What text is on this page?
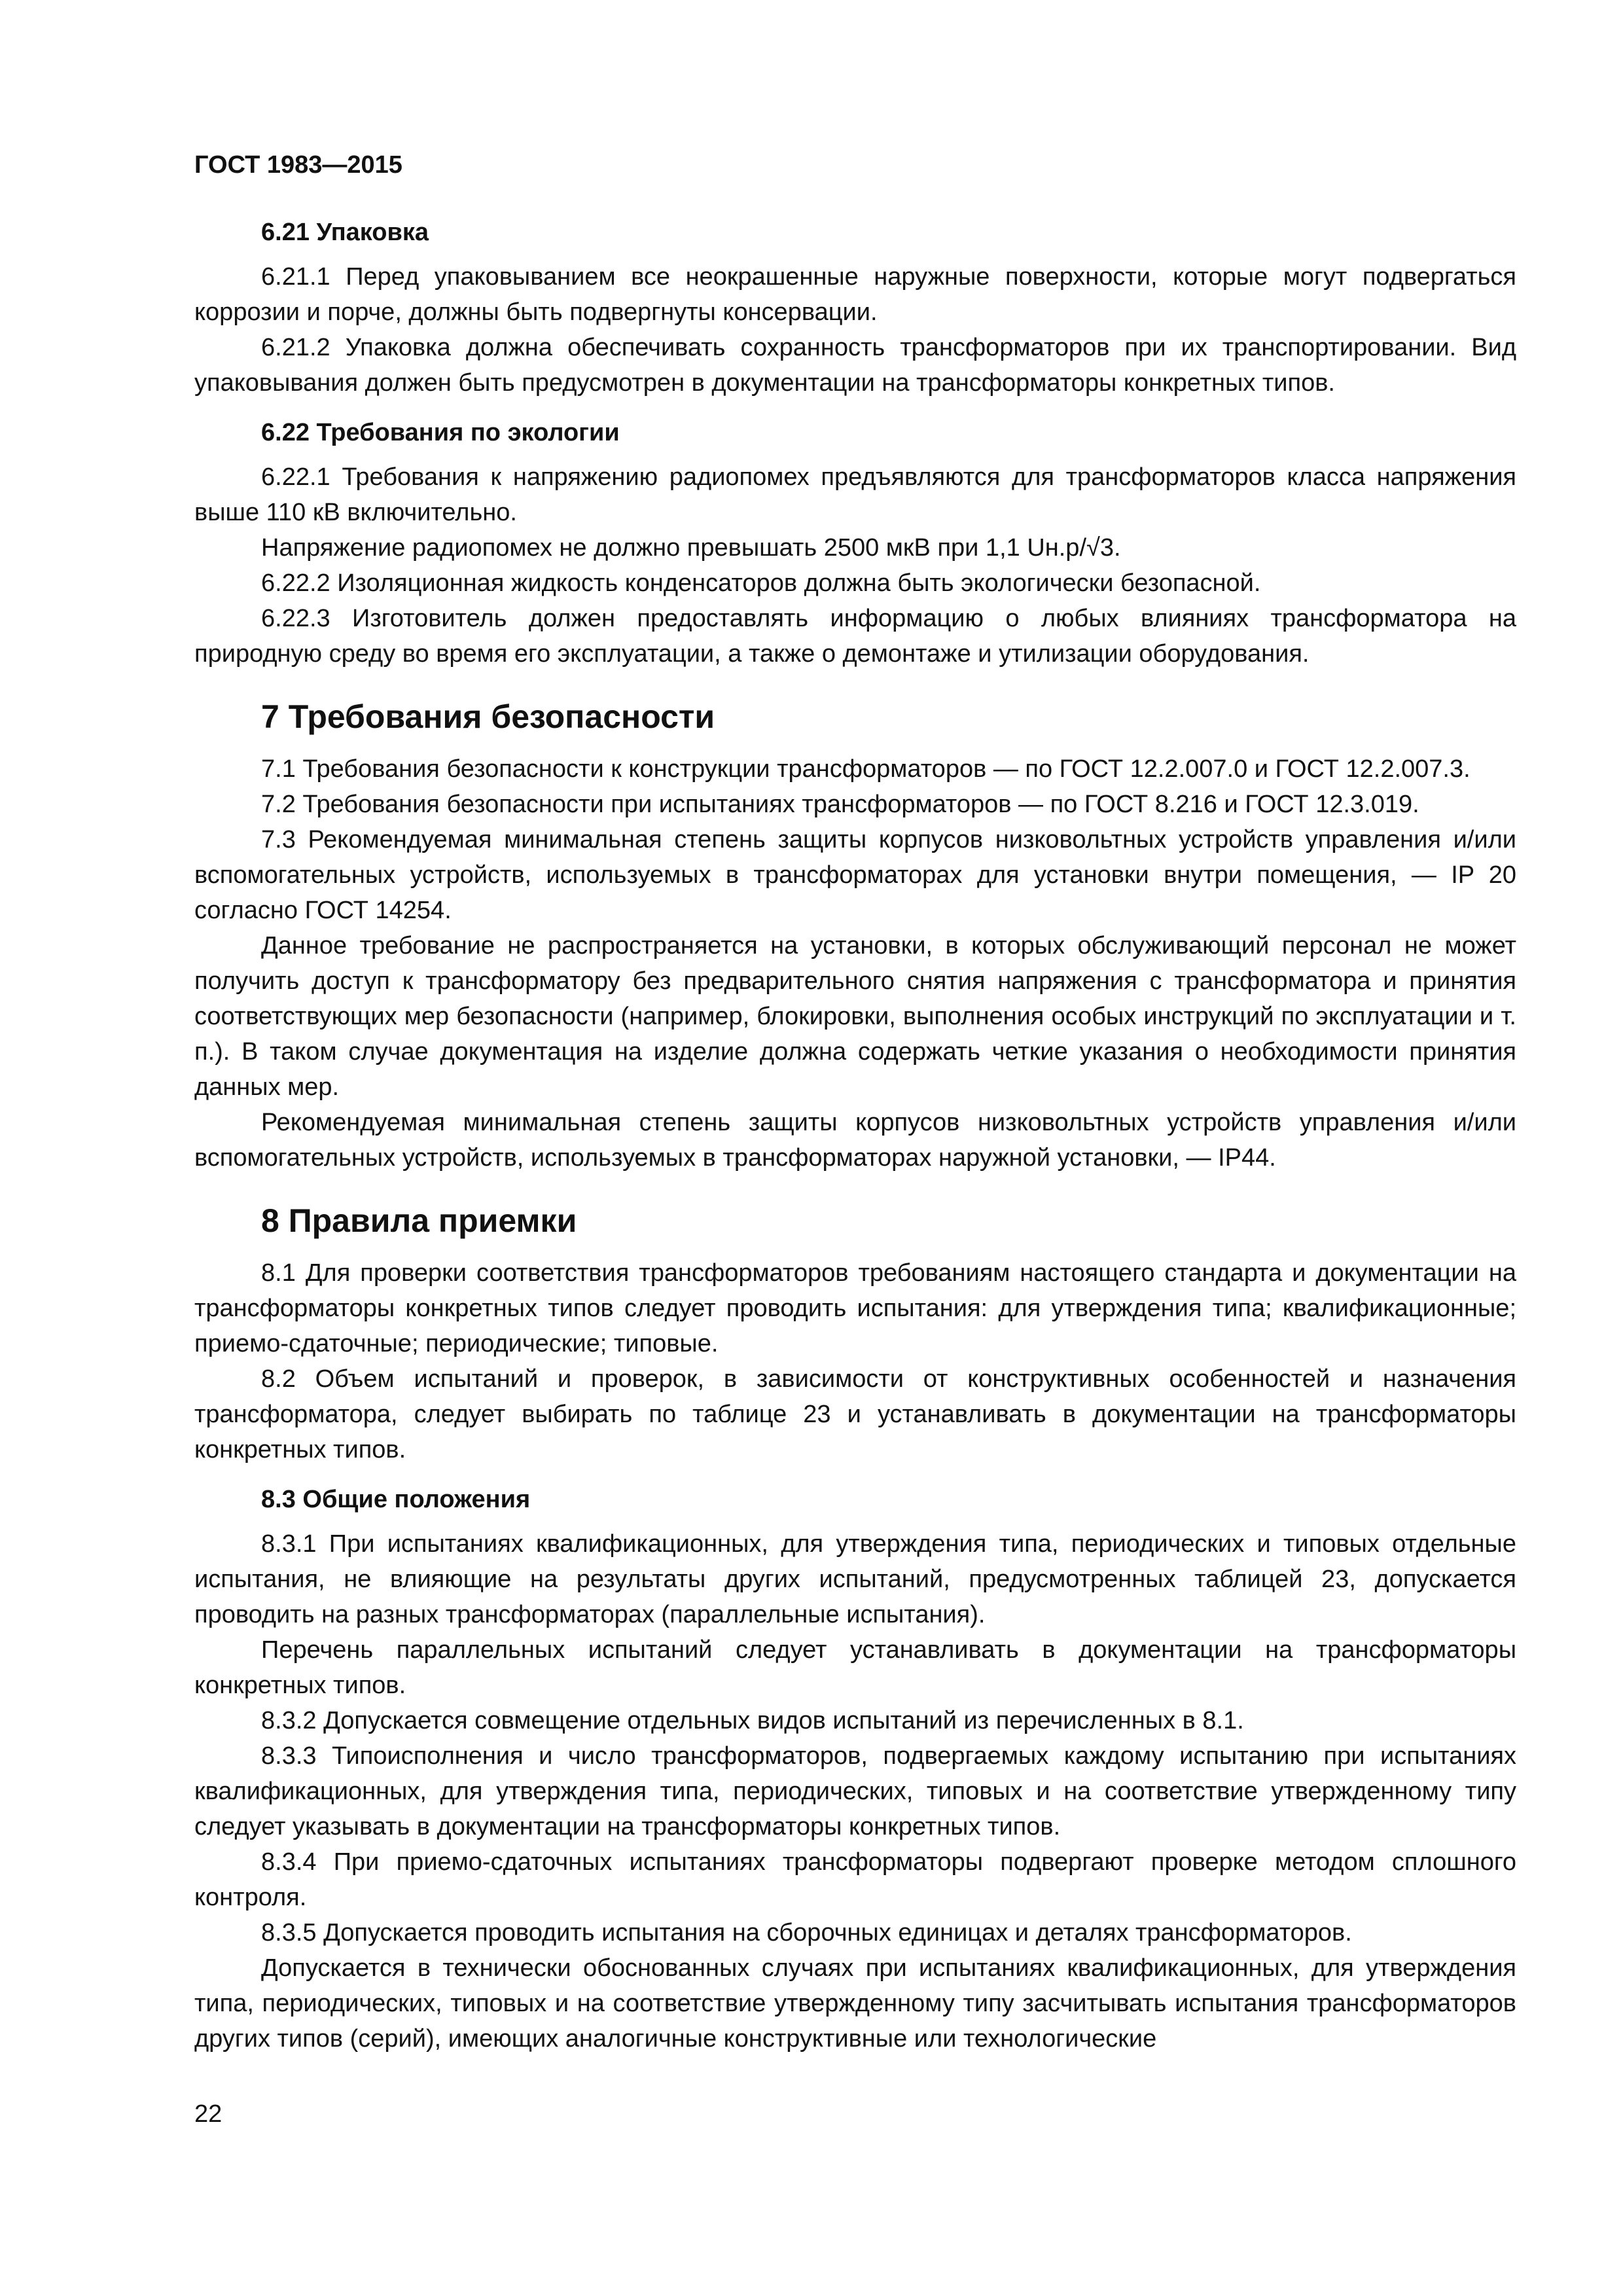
ГОСТ 1983—2015
6.21 Упаковка

6.21.1 Перед упаковыванием все неокрашенные наружные поверхности, которые могут подвергаться коррозии и порче, должны быть подвергнуты консервации.

6.21.2 Упаковка должна обеспечивать сохранность трансформаторов при их транспортировании. Вид упаковывания должен быть предусмотрен в документации на трансформаторы конкретных типов.

6.22 Требования по экологии

6.22.1 Требования к напряжению радиопомех предъявляются для трансформаторов класса напряжения выше 110 кВ включительно.

Напряжение радиопомех не должно превышать 2500 мкВ при 1,1 Uн.р/√3.

6.22.2 Изоляционная жидкость конденсаторов должна быть экологически безопасной.

6.22.3 Изготовитель должен предоставлять информацию о любых влияниях трансформатора на природную среду во время его эксплуатации, а также о демонтаже и утилизации оборудования.

7 Требования безопасности

7.1 Требования безопасности к конструкции трансформаторов — по ГОСТ 12.2.007.0 и ГОСТ 12.2.007.3.

7.2 Требования безопасности при испытаниях трансформаторов — по ГОСТ 8.216 и ГОСТ 12.3.019.

7.3 Рекомендуемая минимальная степень защиты корпусов низковольтных устройств управления и/или вспомогательных устройств, используемых в трансформаторах для установки внутри помещения, — IP 20 согласно ГОСТ 14254.

Данное требование не распространяется на установки, в которых обслуживающий персонал не может получить доступ к трансформатору без предварительного снятия напряжения с трансформатора и принятия соответствующих мер безопасности (например, блокировки, выполнения особых инструкций по эксплуатации и т. п.). В таком случае документация на изделие должна содержать четкие указания о необходимости принятия данных мер.

Рекомендуемая минимальная степень защиты корпусов низковольтных устройств управления и/или вспомогательных устройств, используемых в трансформаторах наружной установки, — IP44.

8 Правила приемки

8.1 Для проверки соответствия трансформаторов требованиям настоящего стандарта и документации на трансформаторы конкретных типов следует проводить испытания: для утверждения типа; квалификационные; приемо-сдаточные; периодические; типовые.

8.2 Объем испытаний и проверок, в зависимости от конструктивных особенностей и назначения трансформатора, следует выбирать по таблице 23 и устанавливать в документации на трансформаторы конкретных типов.

8.3 Общие положения

8.3.1 При испытаниях квалификационных, для утверждения типа, периодических и типовых отдельные испытания, не влияющие на результаты других испытаний, предусмотренных таблицей 23, допускается проводить на разных трансформаторах (параллельные испытания).

Перечень параллельных испытаний следует устанавливать в документации на трансформаторы конкретных типов.

8.3.2 Допускается совмещение отдельных видов испытаний из перечисленных в 8.1.

8.3.3 Типоисполнения и число трансформаторов, подвергаемых каждому испытанию при испытаниях квалификационных, для утверждения типа, периодических, типовых и на соответствие утвержденному типу следует указывать в документации на трансформаторы конкретных типов.

8.3.4 При приемо-сдаточных испытаниях трансформаторы подвергают проверке методом сплошного контроля.

8.3.5 Допускается проводить испытания на сборочных единицах и деталях трансформаторов.

Допускается в технически обоснованных случаях при испытаниях квалификационных, для утверждения типа, периодических, типовых и на соответствие утвержденному типу засчитывать испытания трансформаторов других типов (серий), имеющих аналогичные конструктивные или технологические

22
